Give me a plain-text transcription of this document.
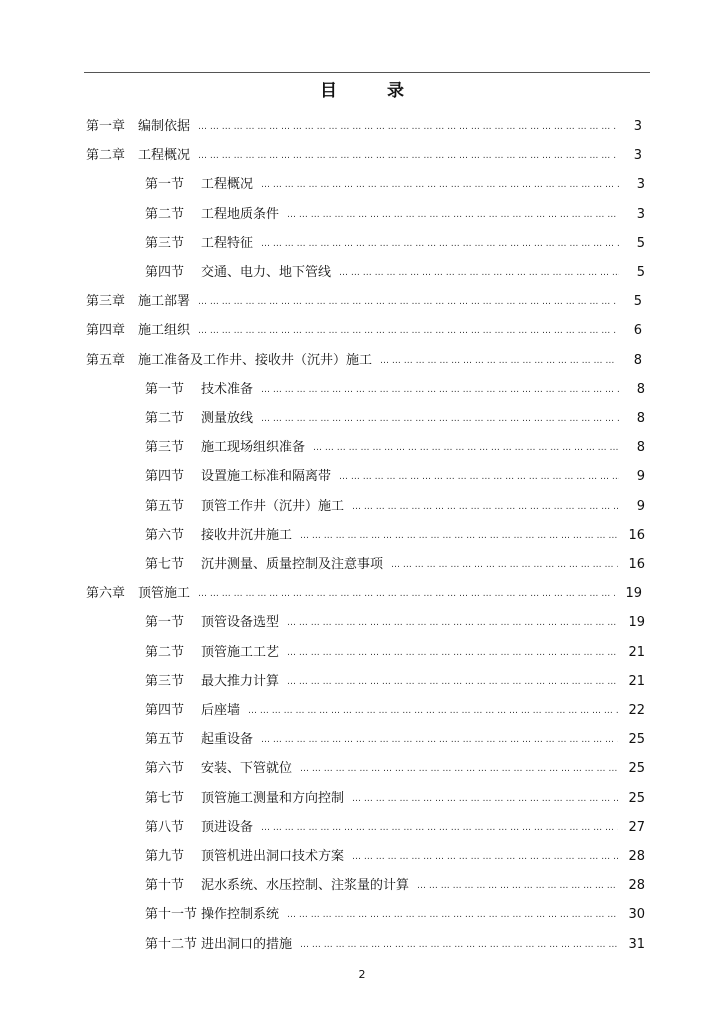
目 录
第一章 编制依据 … … … … … … … … … … … … … … … … … … … … … … … … … … … … … … … … … … … … … … … … … … … … … … … … … … … … … …	3
第二章 工程概况 … … … … … … … … … … … … … … … … … … … … … … … … … … … … … … … … … … … … … … … … … … … … … … … … … … … … … …	3
第一节	工程概况 … … … … … … … … … … … … … … … … … … … … … … … … … … … … … … … … … … … … … … … … … … … … … … … … … … … … … …	3
第二节	工程地质条件 … … … … … … … … … … … … … … … … … … … … … … … … … … … … … … … … … … … … … … … … … … … … … … … … … … … … … …	3
第三节	工程特征 … … … … … … … … … … … … … … … … … … … … … … … … … … … … … … … … … … … … … … … … … … … … … … … … … … … … … …	5
第四节	交通、电力、地下管线 … … … … … … … … … … … … … … … … … … … … … … … … … … … … … … … … … … … … … … … … … … … … … … … … … … … … … …	5
第三章 施工部署 … … … … … … … … … … … … … … … … … … … … … … … … … … … … … … … … … … … … … … … … … … … … … … … … … … … … … …	5
第四章 施工组织 … … … … … … … … … … … … … … … … … … … … … … … … … … … … … … … … … … … … … … … … … … … … … … … … … … … … … …	6
第五章 施工准备及工作井、接收井（沉井）施工 … … … … … … … … … … … … … … … … … … … … … … … … … … … … … … … … … … … … … … … … … … … … … … … … … … … … … …	8
第一节	技术准备 … … … … … … … … … … … … … … … … … … … … … … … … … … … … … … … … … … … … … … … … … … … … … … … … … … … … … …	8
第二节	测量放线 … … … … … … … … … … … … … … … … … … … … … … … … … … … … … … … … … … … … … … … … … … … … … … … … … … … … … …	8
第三节	施工现场组织准备 … … … … … … … … … … … … … … … … … … … … … … … … … … … … … … … … … … … … … … … … … … … … … … … … … … … … … …	8
第四节	设置施工标准和隔离带 … … … … … … … … … … … … … … … … … … … … … … … … … … … … … … … … … … … … … … … … … … … … … … … … … … … … … …	9
第五节	顶管工作井（沉井）施工 … … … … … … … … … … … … … … … … … … … … … … … … … … … … … … … … … … … … … … … … … … … … … … … … … … … … … …	9
第六节	接收井沉井施工 … … … … … … … … … … … … … … … … … … … … … … … … … … … … … … … … … … … … … … … … … … … … … … … … … … … … … …	16
第七节	沉井测量、质量控制及注意事项 … … … … … … … … … … … … … … … … … … … … … … … … … … … … … … … … … … … … … … … … … … … … … … … … … … … … … …	16
第六章 顶管施工 … … … … … … … … … … … … … … … … … … … … … … … … … … … … … … … … … … … … … … … … … … … … … … … … … … … … … …	19
第一节	顶管设备选型 … … … … … … … … … … … … … … … … … … … … … … … … … … … … … … … … … … … … … … … … … … … … … … … … … … … … … …	19
第二节	顶管施工工艺 … … … … … … … … … … … … … … … … … … … … … … … … … … … … … … … … … … … … … … … … … … … … … … … … … … … … … …	21
第三节	最大推力计算 … … … … … … … … … … … … … … … … … … … … … … … … … … … … … … … … … … … … … … … … … … … … … … … … … … … … … …	21
第四节	后座墙 … … … … … … … … … … … … … … … … … … … … … … … … … … … … … … … … … … … … … … … … … … … … … … … … … … … … … …	22
第五节	起重设备 … … … … … … … … … … … … … … … … … … … … … … … … … … … … … … … … … … … … … … … … … … … … … … … … … … … … … …	25
第六节	安装、下管就位 … … … … … … … … … … … … … … … … … … … … … … … … … … … … … … … … … … … … … … … … … … … … … … … … … … … … … …	25
第七节	顶管施工测量和方向控制 … … … … … … … … … … … … … … … … … … … … … … … … … … … … … … … … … … … … … … … … … … … … … … … … … … … … … …	25
第八节	顶进设备 … … … … … … … … … … … … … … … … … … … … … … … … … … … … … … … … … … … … … … … … … … … … … … … … … … … … … …	27
第九节	顶管机进出洞口技术方案 … … … … … … … … … … … … … … … … … … … … … … … … … … … … … … … … … … … … … … … … … … … … … … … … … … … … … …	28
第十节	泥水系统、水压控制、注浆量的计算 … … … … … … … … … … … … … … … … … … … … … … … … … … … … … … … … … … … … … … … … … … … … … … … … … … … … … …	28
第十一节 操作控制系统 … … … … … … … … … … … … … … … … … … … … … … … … … … … … … … … … … … … … … … … … … … … … … … … … … … … … … …	30
第十二节 进出洞口的措施 … … … … … … … … … … … … … … … … … … … … … … … … … … … … … … … … … … … … … … … … … … … … … … … … … … … … … …	31
2
